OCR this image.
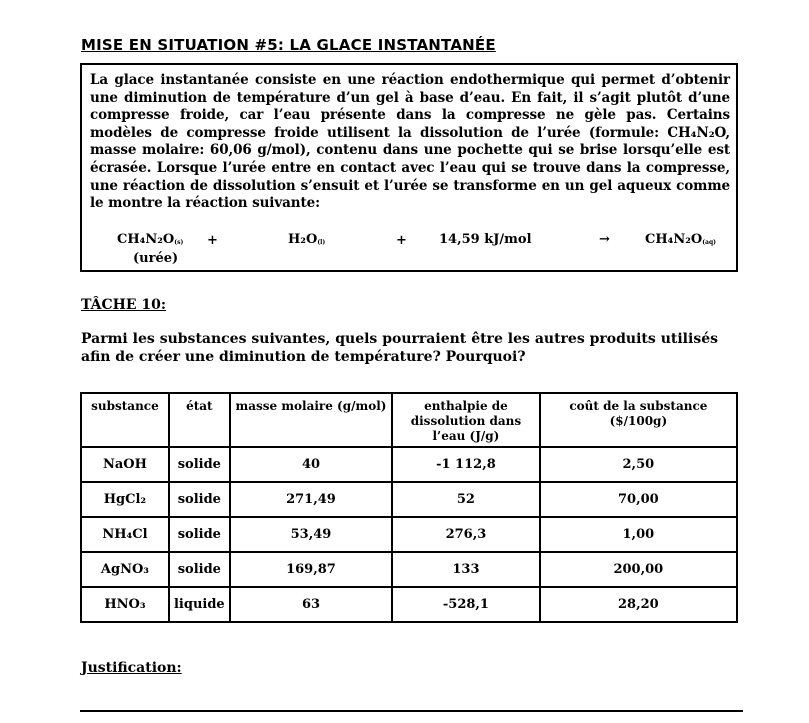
MISE EN SITUATION #5: LA GLACE INSTANTANÉE
La glace instantanée consiste en une réaction endothermique qui permet d’obtenir une diminution de température d’un gel à base d’eau. En fait, il s’agit plutôt d’une compresse froide, car l’eau présente dans la compresse ne gèle pas. Certains modèles de compresse froide utilisent la dissolution de l’urée (formule: CH₄N₂O, masse molaire: 60,06 g/mol), contenu dans une pochette qui se brise lorsqu’elle est écrasée. Lorsque l’urée entre en contact avec l’eau qui se trouve dans la compresse, une réaction de dissolution s’ensuit et l’urée se transforme en un gel aqueux comme le montre la réaction suivante:
$CH_4N_2O_{(s)}$ +	$H_2O_{(l)}$	+ 14,59 kJ/mol	→	$CH_4N_2O_{(aq)}$
(urée)
TÂCHE 10:
Parmi les substances suivantes, quels pourraient être les autres produits utilisés afin de créer une diminution de température? Pourquoi?
substance	état	masse molaire (g/mol)	enthalpie de dissolution dans l’eau (J/g)	coût de la substance ($/100g)
NaOH	solide	40	-1 112,8	2,50
HgCl₂	solide	271,49	52	70,00
NH₄Cl	solide	53,49	276,3	1,00
AgNO₃	solide	169,87	133	200,00
HNO₃	liquide	63	-528,1	28,20
Justification:
